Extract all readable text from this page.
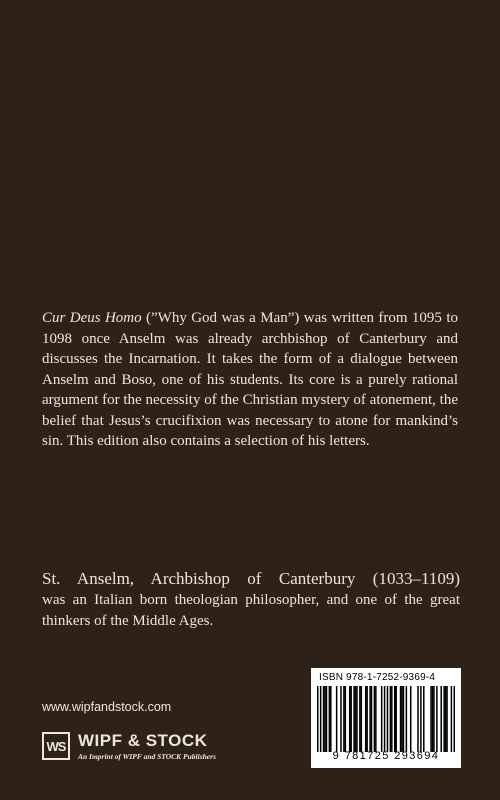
Cur Deus Homo (”Why God was a Man”) was written from 1095 to 1098 once Anselm was already archbishop of Canterbury and discusses the Incarnation. It takes the form of a dialogue between Anselm and Boso, one of his students. Its core is a purely rational argument for the necessity of the Christian mystery of atonement, the belief that Jesus’s crucifixion was necessary to atone for mankind’s sin. This edition also contains a selection of his letters.

St. Anselm, Archbishop of Canterbury (1033–1109)
was an Italian born theologian philosopher, and one of the great thinkers of the Middle Ages.

www.wipfandstock.com
WS WIPF & STOCK
An Imprint of WIPF and STOCK Publishers
ISBN 978-1-7252-9369-4
9 781725 293694
